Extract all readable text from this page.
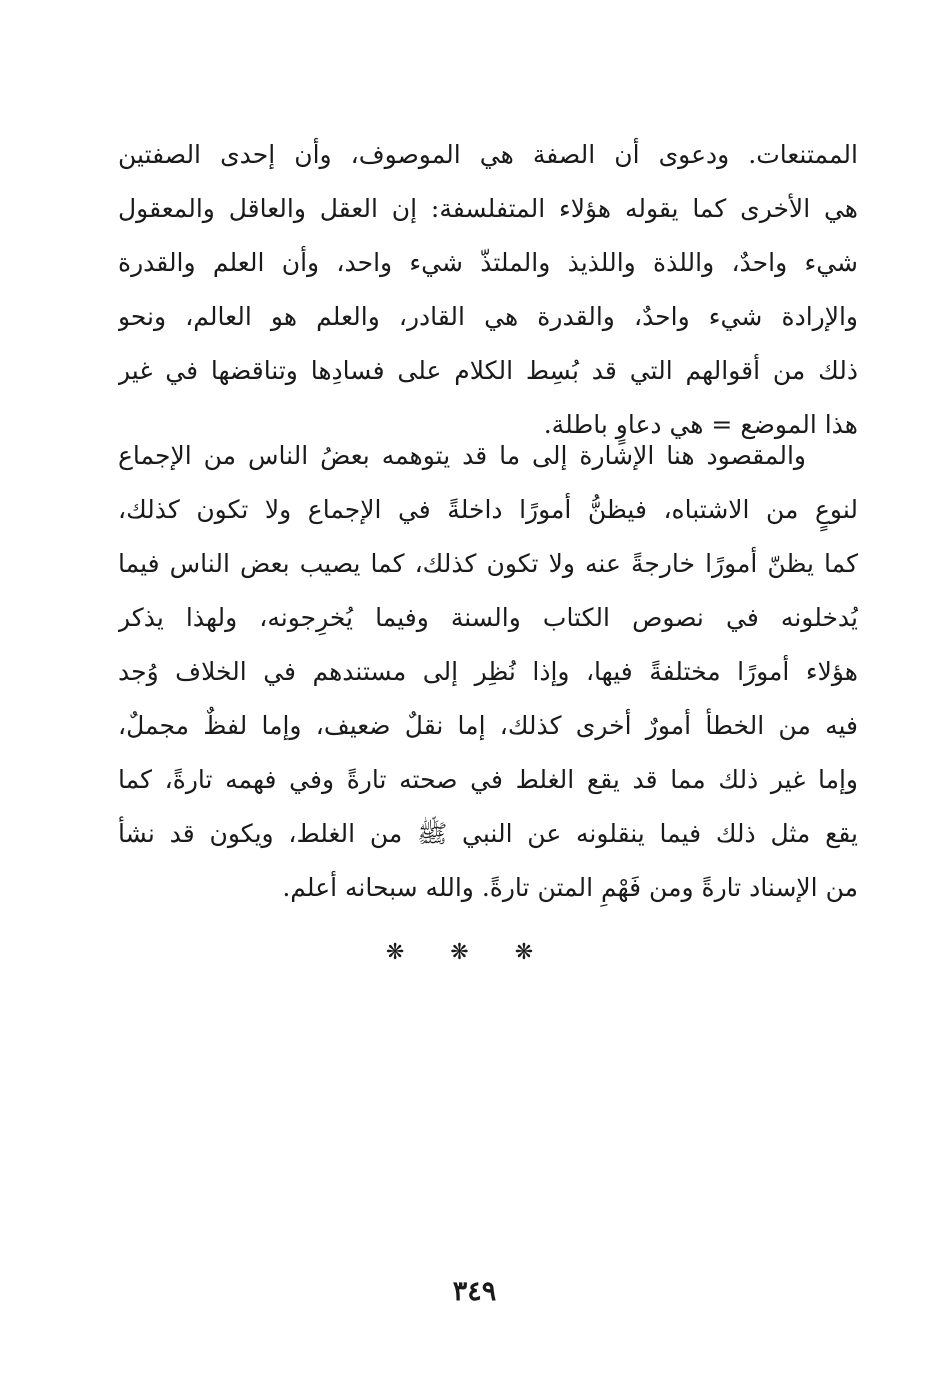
الممتنعات. ودعوى أن الصفة هي الموصوف، وأن إحدى الصفتين
هي الأخرى كما يقوله هؤلاء المتفلسفة: إن العقل والعاقل والمعقول
شيء واحدٌ، واللذة واللذيذ والملتذّ شيء واحد، وأن العلم والقدرة
والإرادة شيء واحدٌ، والقدرة هي القادر، والعلم هو العالم، ونحو
ذلك من أقوالهم التي قد بُسِط الكلام على فسادِها وتناقضها في غير
هذا الموضع = هي دعاوٍ باطلة.
والمقصود هنا الإشارة إلى ما قد يتوهمه بعضُ الناس من الإجماع
لنوعٍ من الاشتباه، فيظنُّ أمورًا داخلةً في الإجماع ولا تكون كذلك،
كما يظنّ أمورًا خارجةً عنه ولا تكون كذلك، كما يصيب بعض الناس فيما
يُدخلونه في نصوص الكتاب والسنة وفيما يُخرِجونه، ولهذا يذكر
هؤلاء أمورًا مختلفةً فيها، وإذا نُظِر إلى مستندهم في الخلاف وُجد
فيه من الخطأ أمورٌ أخرى كذلك، إما نقلٌ ضعيف، وإما لفظٌ مجملٌ،
وإما غير ذلك مما قد يقع الغلط في صحته تارةً وفي فهمه تارةً، كما
يقع مثل ذلك فيما ينقلونه عن النبي ﷺ من الغلط، ويكون قد نشأ
من الإسناد تارةً ومن فَهْمِ المتن تارةً. والله سبحانه أعلم.
❋❋❋
٣٤٩
